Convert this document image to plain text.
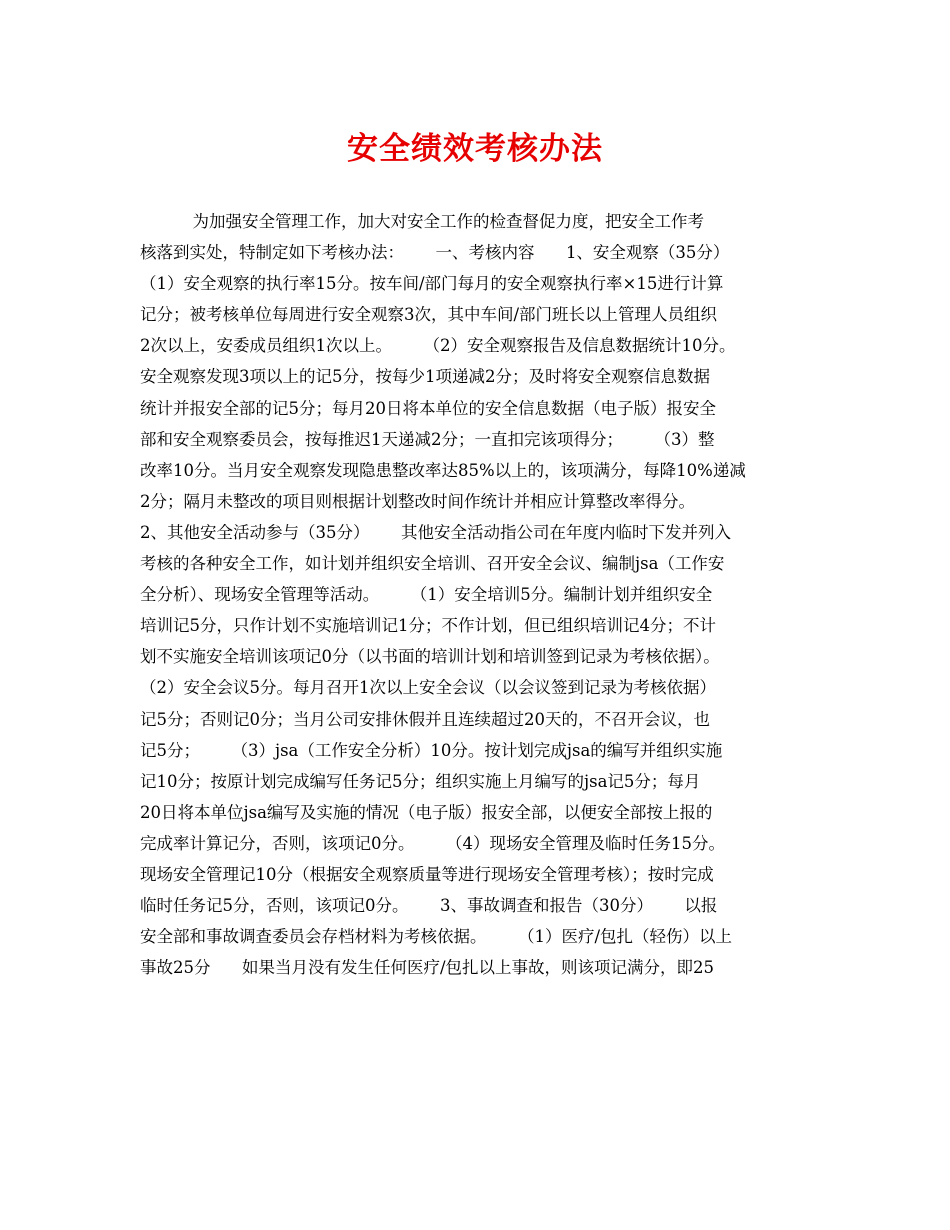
安全绩效考核办法
为加强安全管理工作，加大对安全工作的检查督促力度，把安全工作考
核落到实处，特制定如下考核办法：      一、考核内容      1、安全观察（35分）
（1）安全观察的执行率15分。按车间/部门每月的安全观察执行率×15进行计算
记分；被考核单位每周进行安全观察3次，其中车间/部门班长以上管理人员组织
2次以上，安委成员组织1次以上。      （2）安全观察报告及信息数据统计10分。
安全观察发现3项以上的记5分，按每少1项递减2分；及时将安全观察信息数据
统计并报安全部的记5分；每月20日将本单位的安全信息数据（电子版）报安全
部和安全观察委员会，按每推迟1天递减2分；一直扣完该项得分；      （3）整
改率10分。当月安全观察发现隐患整改率达85%以上的，该项满分，每降10%递减
2分；隔月未整改的项目则根据计划整改时间作统计并相应计算整改率得分。
2、其他安全活动参与（35分）      其他安全活动指公司在年度内临时下发并列入
考核的各种安全工作，如计划并组织安全培训、召开安全会议、编制jsa（工作安
全分析）、现场安全管理等活动。      （1）安全培训5分。编制计划并组织安全
培训记5分，只作计划不实施培训记1分；不作计划，但已组织培训记4分；不计
划不实施安全培训该项记0分（以书面的培训计划和培训签到记录为考核依据）。
（2）安全会议5分。每月召开1次以上安全会议（以会议签到记录为考核依据）
记5分；否则记0分；当月公司安排休假并且连续超过20天的，不召开会议，也
记5分；      （3）jsa（工作安全分析）10分。按计划完成jsa的编写并组织实施
记10分；按原计划完成编写任务记5分；组织实施上月编写的jsa记5分；每月
20日将本单位jsa编写及实施的情况（电子版）报安全部，以便安全部按上报的
完成率计算记分，否则，该项记0分。      （4）现场安全管理及临时任务15分。
现场安全管理记10分（根据安全观察质量等进行现场安全管理考核）；按时完成
临时任务记5分，否则，该项记0分。      3、事故调查和报告（30分）      以报
安全部和事故调查委员会存档材料为考核依据。      （1）医疗/包扎（轻伤）以上
事故25分      如果当月没有发生任何医疗/包扎以上事故，则该项记满分，即25
